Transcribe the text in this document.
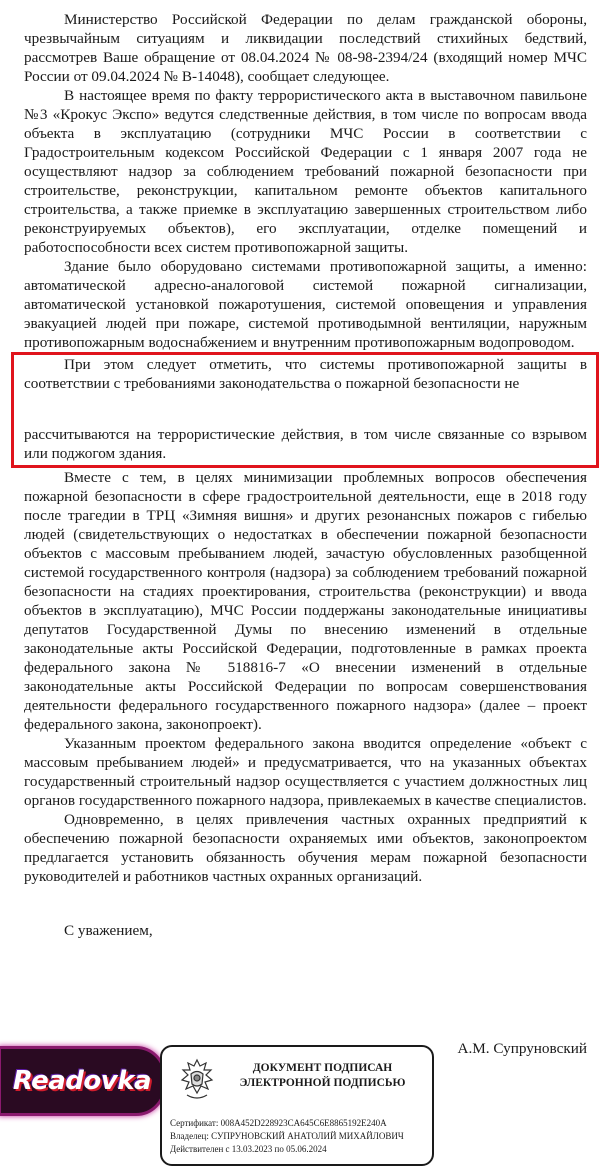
Министерство Российской Федерации по делам гражданской обороны, чрезвычайным ситуациям и ликвидации последствий стихийных бедствий, рассмотрев Ваше обращение от 08.04.2024 № 08-98-2394/24 (входящий номер МЧС России от 09.04.2024 № В-14048), сообщает следующее.

В настоящее время по факту террористического акта в выставочном павильоне №3 «Крокус Экспо» ведутся следственные действия, в том числе по вопросам ввода объекта в эксплуатацию (сотрудники МЧС России в соответствии с Градостроительным кодексом Российской Федерации с 1 января 2007 года не осуществляют надзор за соблюдением требований пожарной безопасности при строительстве, реконструкции, капитальном ремонте объектов капитального строительства, а также приемке в эксплуатацию завершенных строительством либо реконструируемых объектов), его эксплуатации, отделке помещений и работоспособности всех систем противопожарной защиты.

Здание было оборудовано системами противопожарной защиты, а именно: автоматической адресно-аналоговой системой пожарной сигнализации, автоматической установкой пожаротушения, системой оповещения и управления эвакуацией людей при пожаре, системой противодымной вентиляции, наружным противопожарным водоснабжением и внутренним противопожарным водопроводом.

При этом следует отметить, что системы противопожарной защиты в соответствии с требованиями законодательства о пожарной безопасности не

рассчитываются на террористические действия, в том числе связанные со взрывом или поджогом здания.

Вместе с тем, в целях минимизации проблемных вопросов обеспечения пожарной безопасности в сфере градостроительной деятельности, еще в 2018 году после трагедии в ТРЦ «Зимняя вишня» и других резонансных пожаров с гибелью людей (свидетельствующих о недостатках в обеспечении пожарной безопасности объектов с массовым пребыванием людей, зачастую обусловленных разобщенной системой государственного контроля (надзора) за соблюдением требований пожарной безопасности на стадиях проектирования, строительства (реконструкции) и ввода объектов в эксплуатацию), МЧС России поддержаны законодательные инициативы депутатов Государственной Думы по внесению изменений в отдельные законодательные акты Российской Федерации, подготовленные в рамках проекта федерального закона № 518816-7 «О внесении изменений в отдельные законодательные акты Российской Федерации по вопросам совершенствования деятельности федерального государственного пожарного надзора» (далее – проект федерального закона, законопроект).

Указанным проектом федерального закона вводится определение «объект с массовым пребыванием людей» и предусматривается, что на указанных объектах государственный строительный надзор осуществляется с участием должностных лиц органов государственного пожарного надзора, привлекаемых в качестве специалистов.

Одновременно, в целях привлечения частных охранных предприятий к обеспечению пожарной безопасности охраняемых ими объектов, законопроектом предлагается установить обязанность обучения мерам пожарной безопасности руководителей и работников частных охранных организаций.

С уважением,
А.М. Супруновский
Readovka	ДОКУМЕНТ ПОДПИСАН
ЭЛЕКТРОННОЙ ПОДПИСЬЮ
Сертификат: 008A452D228923CA645C6E8865192E240A
Владелец: СУПРУНОВСКИЙ АНАТОЛИЙ МИХАЙЛОВИЧ
Действителен с 13.03.2023 по 05.06.2024
